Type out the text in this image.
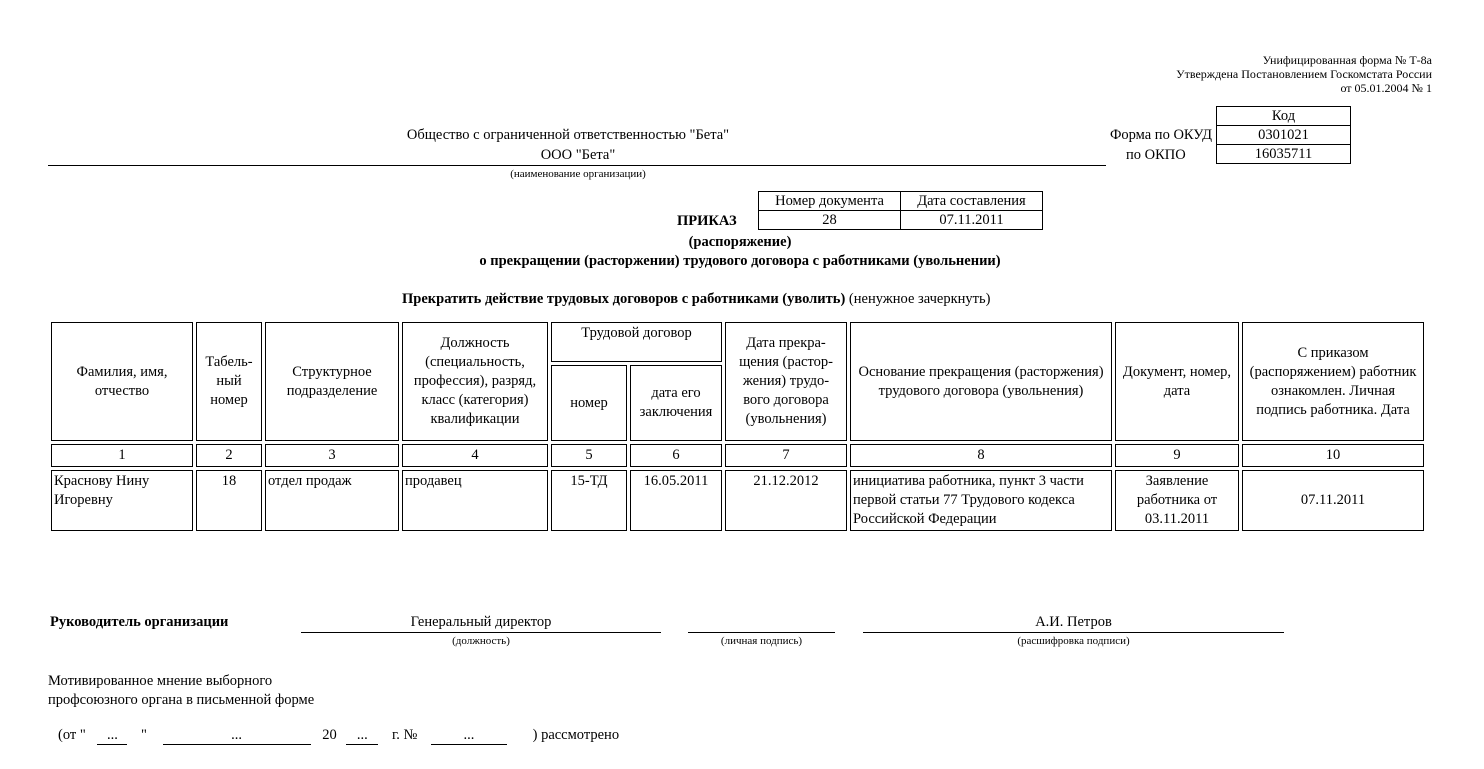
Унифицированная форма № Т-8а
Утверждена Постановлением Госкомстата России
от 05.01.2004 № 1
Код
0301021
16035711
Форма по ОКУД
по ОКПО
Общество с ограниченной ответственностью "Бета"
ООО "Бета"
(наименование организации)
Номер документа	Дата составления
28	07.11.2011
ПРИКАЗ
(распоряжение)
о прекращении (расторжении) трудового договора с работниками (увольнении)
Прекратить действие трудовых договоров с работниками (уволить) (ненужное зачеркнуть)
Фамилия, имя, отчество	Табель- ный номер	Структурное подразделение	Должность (специальность, профессия), разряд, класс (категория) квалификации	Трудовой договор		Дата прекра- щения (растор- жения) трудо- вого договора (увольнения)	Основание прекращения (расторжения) трудового договора (увольнения)	Документ, номер, дата	С приказом (распоряжением) работник ознакомлен. Личная подпись работника. Дата
				номер	дата его заключения				
1	2	3	4	5	6	7	8	9	10
Краснову Нину Игоревну	18	отдел продаж	продавец	15-ТД	16.05.2011	21.12.2012	инициатива работника, пункт 3 части первой статьи 77 Трудового кодекса Российской Федерации	Заявление работника от 03.11.2011	07.11.2011
Руководитель организации	Генеральный директор
(должность)	(личная подпись)
А.И. Петров
(расшифровка подписи)
Мотивированное мнение выборного
профсоюзного органа в письменной форме
(от " ... "	...	20 ... г. №	...	) рассмотрено
